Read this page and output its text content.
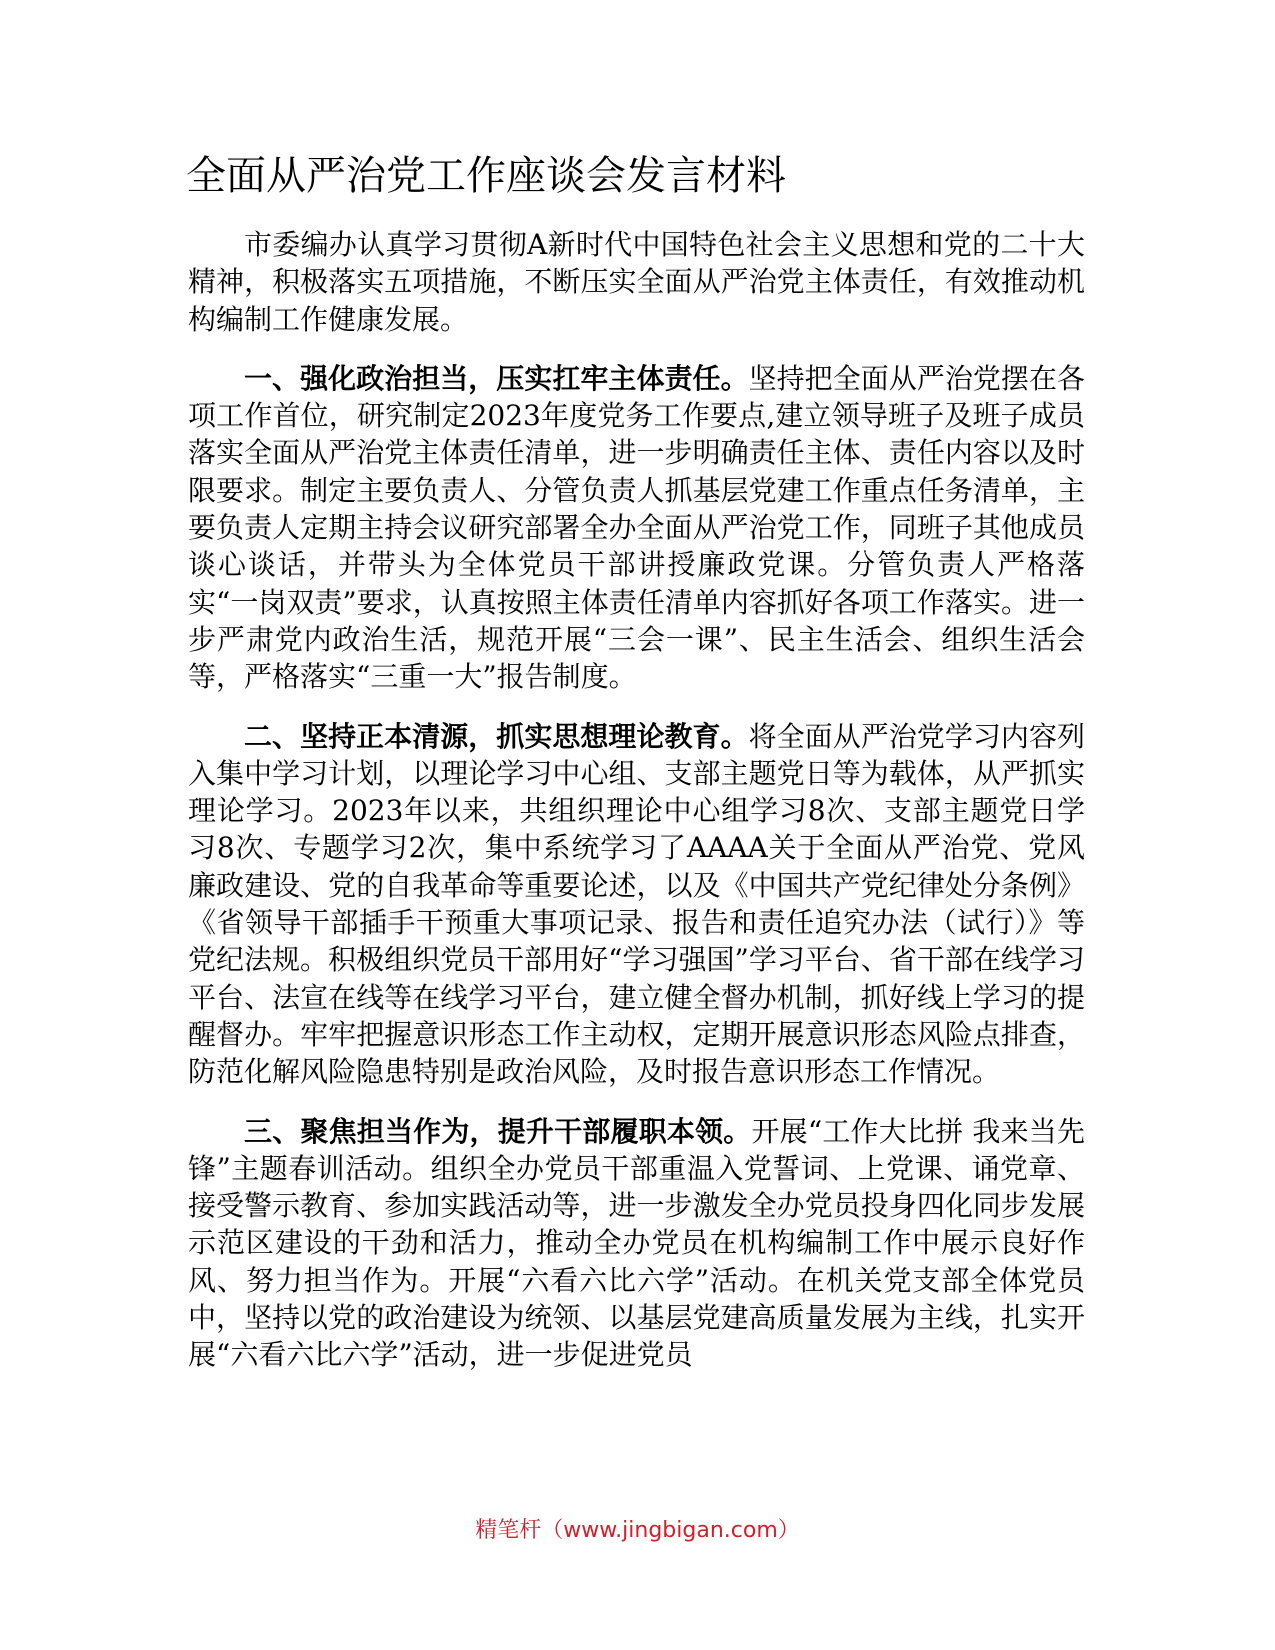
全面从严治党工作座谈会发言材料

市委编办认真学习贯彻A新时代中国特色社会主义思想和党的二十大精神，积极落实五项措施，不断压实全面从严治党主体责任，有效推动机构编制工作健康发展。

一、强化政治担当，压实扛牢主体责任。坚持把全面从严治党摆在各项工作首位，研究制定2023年度党务工作要点,建立领导班子及班子成员落实全面从严治党主体责任清单，进一步明确责任主体、责任内容以及时限要求。制定主要负责人、分管负责人抓基层党建工作重点任务清单，主要负责人定期主持会议研究部署全办全面从严治党工作，同班子其他成员谈心谈话，并带头为全体党员干部讲授廉政党课。分管负责人严格落实“一岗双责”要求，认真按照主体责任清单内容抓好各项工作落实。进一步严肃党内政治生活，规范开展“三会一课”、民主生活会、组织生活会等，严格落实“三重一大”报告制度。

二、坚持正本清源，抓实思想理论教育。将全面从严治党学习内容列入集中学习计划，以理论学习中心组、支部主题党日等为载体，从严抓实理论学习。2023年以来，共组织理论中心组学习8次、支部主题党日学习8次、专题学习2次，集中系统学习了AAAA关于全面从严治党、党风廉政建设、党的自我革命等重要论述，以及《中国共产党纪律处分条例》《省领导干部插手干预重大事项记录、报告和责任追究办法（试行）》等党纪法规。积极组织党员干部用好“学习强国”学习平台、省干部在线学习平台、法宣在线等在线学习平台，建立健全督办机制，抓好线上学习的提醒督办。牢牢把握意识形态工作主动权，定期开展意识形态风险点排查，防范化解风险隐患特别是政治风险，及时报告意识形态工作情况。

三、聚焦担当作为，提升干部履职本领。开展“工作大比拼 我来当先锋”主题春训活动。组织全办党员干部重温入党誓词、上党课、诵党章、接受警示教育、参加实践活动等，进一步激发全办党员投身四化同步发展示范区建设的干劲和活力，推动全办党员在机构编制工作中展示良好作风、努力担当作为。开展“六看六比六学”活动。在机关党支部全体党员中，坚持以党的政治建设为统领、以基层党建高质量发展为主线，扎实开展“六看六比六学”活动，进一步促进党员

精笔杆（www.jingbigan.com）
